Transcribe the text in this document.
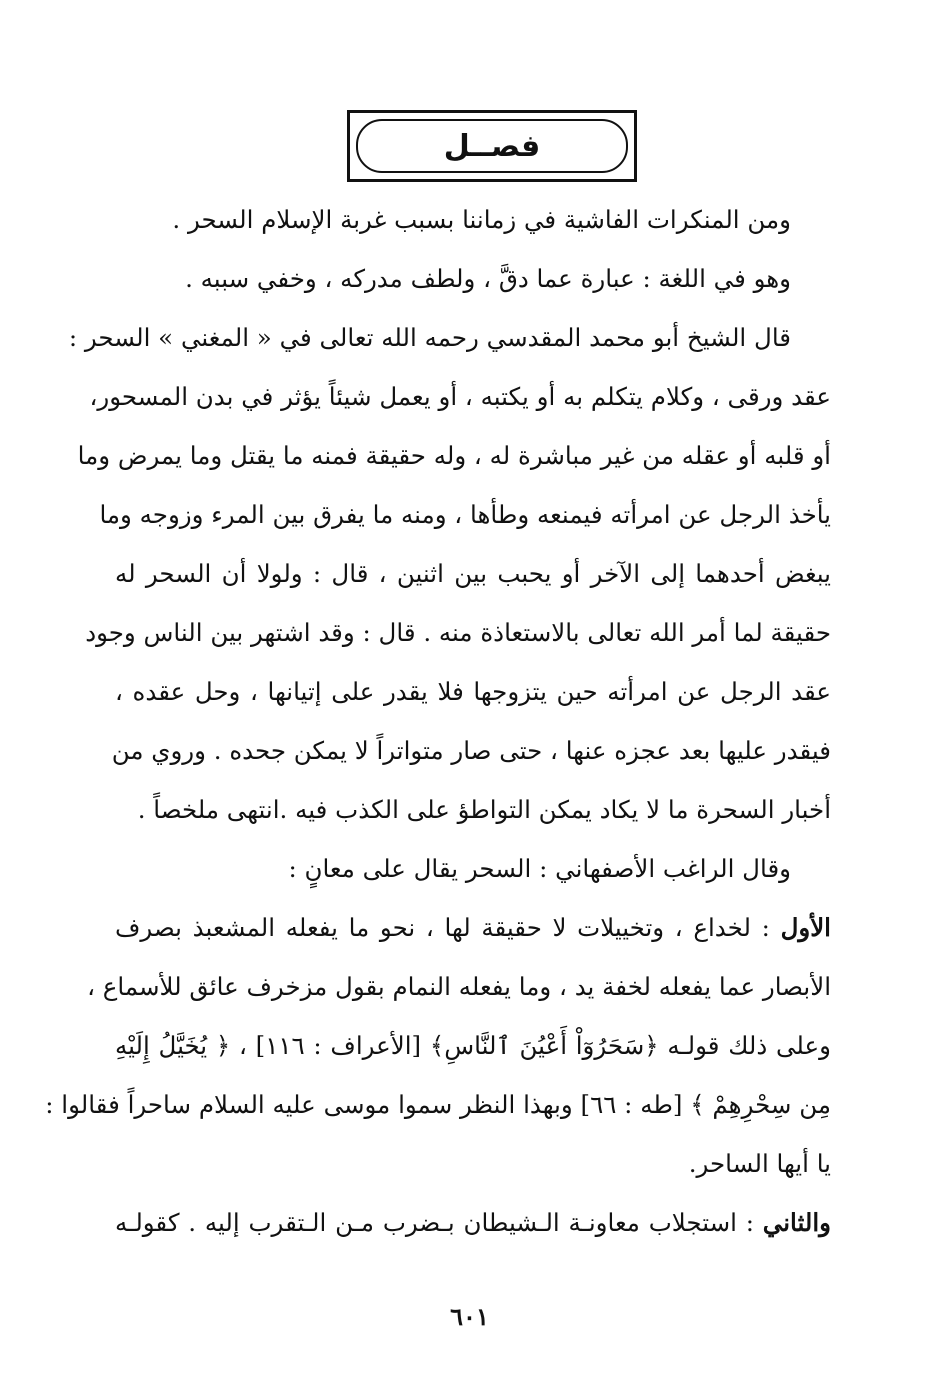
فصــل

ومن المنكرات الفاشية في زماننا بسبب غربة الإسلام السحر .

وهو في اللغة : عبارة عما دقَّ ، ولطف مدركه ، وخفي سببه .

قال الشيخ أبو محمد المقدسي رحمه الله تعالى في « المغني » السحر :
عقد ورقى ، وكلام يتكلم به أو يكتبه ، أو يعمل شيئاً يؤثر في بدن المسحور،
أو قلبه أو عقله من غير مباشرة له ، وله حقيقة فمنه ما يقتل وما يمرض وما
يأخذ الرجل عن امرأته فيمنعه وطأها ، ومنه ما يفرق بين المرء وزوجه وما
يبغض أحدهما إلى الآخر أو يحبب بين اثنين ، قال : ولولا أن السحر له
حقيقة لما أمر الله تعالى بالاستعاذة منه . قال : وقد اشتهر بين الناس وجود
عقد الرجل عن امرأته حين يتزوجها فلا يقدر على إتيانها ، وحل عقده ،
فيقدر عليها بعد عجزه عنها ، حتى صار متواتراً لا يمكن جحده . وروي من
أخبار السحرة ما لا يكاد يمكن التواطؤ على الكذب فيه .انتهى ملخصاً .

وقال الراغب الأصفهاني : السحر يقال على معانٍ :

الأول : لخداع ، وتخييلات لا حقيقة لها ، نحو ما يفعله المشعبذ بصرف
الأبصار عما يفعله لخفة يد ، وما يفعله النمام بقول مزخرف عائق للأسماع ،
وعلى ذلك قولـه ﴿سَحَرُوٓاْ أَعْيُنَ ٱلنَّاسِ﴾ [الأعراف : ١١٦] ، ﴿ يُخَيَّلُ إِلَيْهِ
مِن سِحْرِهِمْ ﴾ [طه : ٦٦] وبهذا النظر سموا موسى عليه السلام ساحراً فقالوا :
يا أيها الساحر.

والثاني : استجلاب معاونـة الـشيطان بـضرب مـن الـتقرب إليه . كقولـه

٦٠١
